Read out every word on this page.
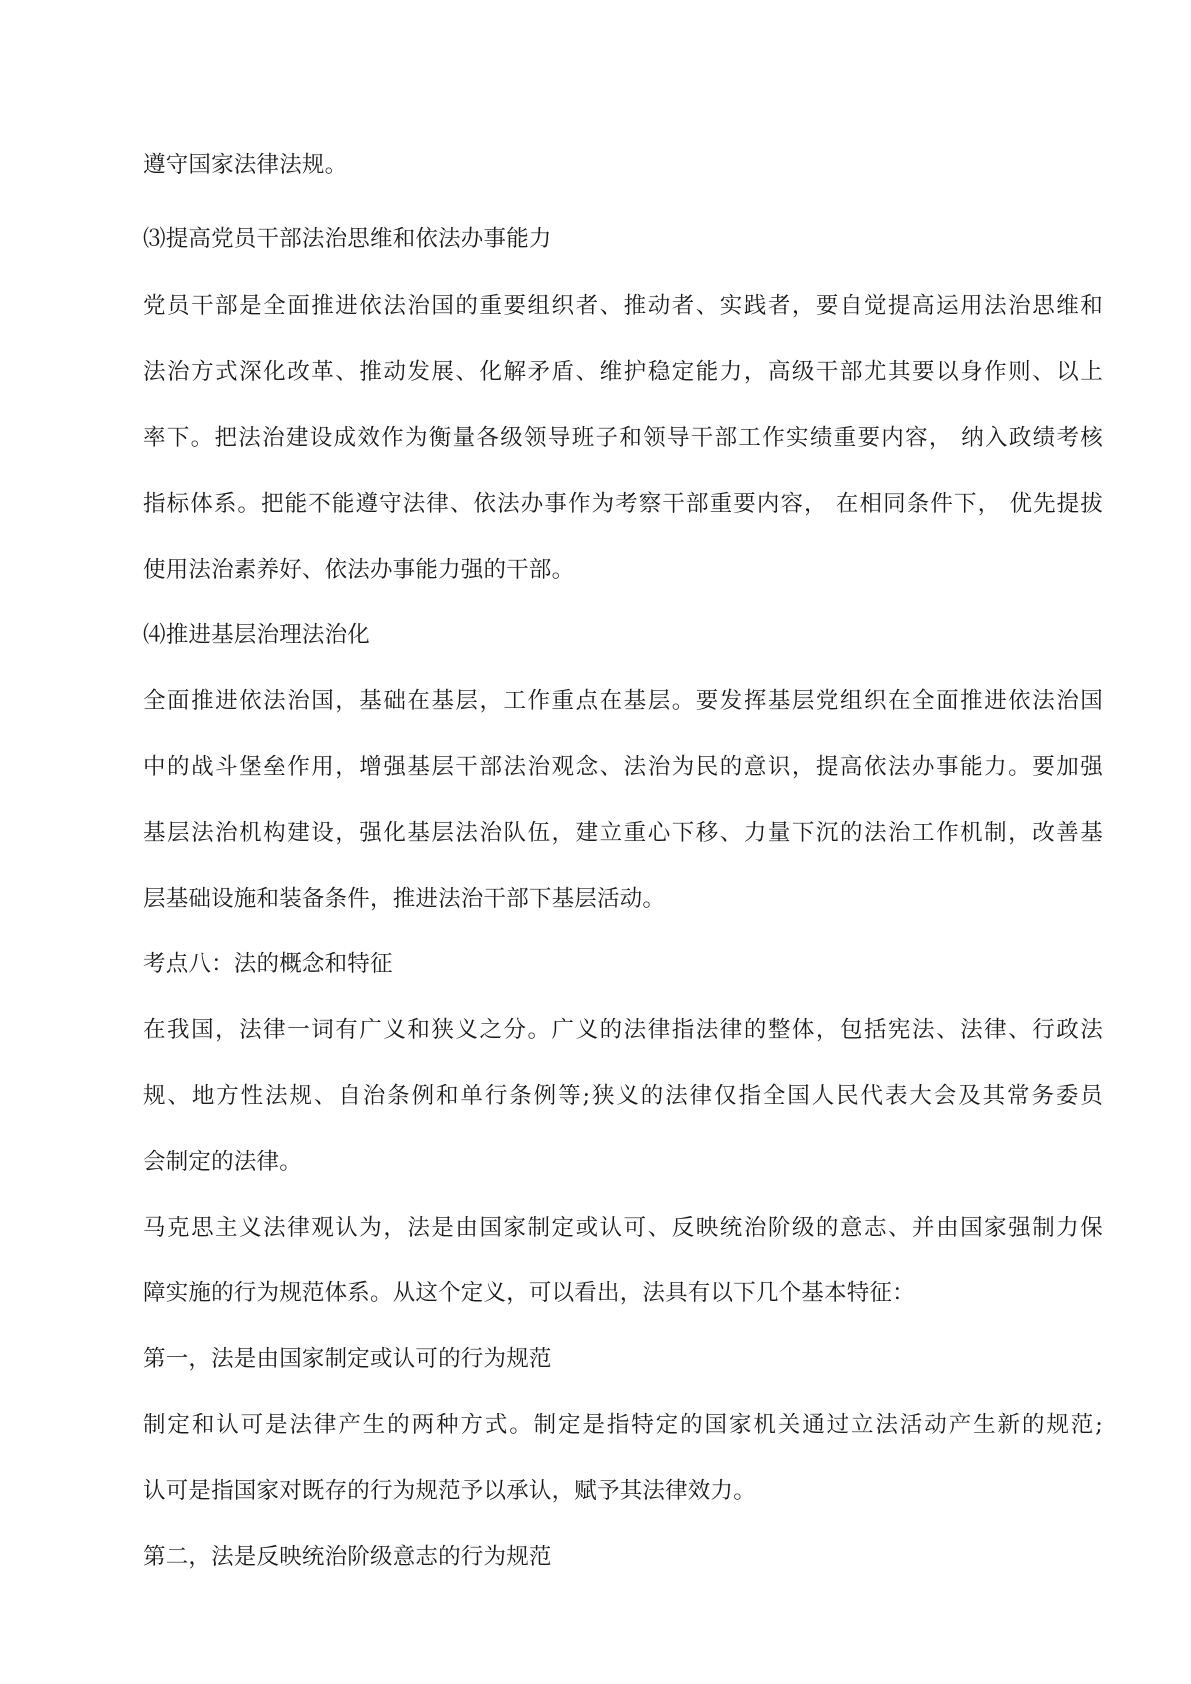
遵守国家法律法规。
⑶提高党员干部法治思维和依法办事能力
党员干部是全面推进依法治国的重要组织者、推动者、实践者，要自觉提高运用法治思维和
法治方式深化改革、推动发展、化解矛盾、维护稳定能力，高级干部尤其要以身作则、以上
率下。把法治建设成效作为衡量各级领导班子和领导干部工作实绩重要内容， 纳入政绩考核
指标体系。把能不能遵守法律、依法办事作为考察干部重要内容， 在相同条件下， 优先提拔
使用法治素养好、依法办事能力强的干部。
⑷推进基层治理法治化
全面推进依法治国，基础在基层，工作重点在基层。要发挥基层党组织在全面推进依法治国
中的战斗堡垒作用，增强基层干部法治观念、法治为民的意识，提高依法办事能力。要加强
基层法治机构建设，强化基层法治队伍，建立重心下移、力量下沉的法治工作机制，改善基
层基础设施和装备条件，推进法治干部下基层活动。
考点八：法的概念和特征
在我国，法律一词有广义和狭义之分。广义的法律指法律的整体，包括宪法、法律、行政法
规、地方性法规、自治条例和单行条例等;狭义的法律仅指全国人民代表大会及其常务委员
会制定的法律。
马克思主义法律观认为，法是由国家制定或认可、反映统治阶级的意志、并由国家强制力保
障实施的行为规范体系。从这个定义，可以看出，法具有以下几个基本特征：
第一，法是由国家制定或认可的行为规范
制定和认可是法律产生的两种方式。制定是指特定的国家机关通过立法活动产生新的规范;
认可是指国家对既存的行为规范予以承认，赋予其法律效力。
第二，法是反映统治阶级意志的行为规范
